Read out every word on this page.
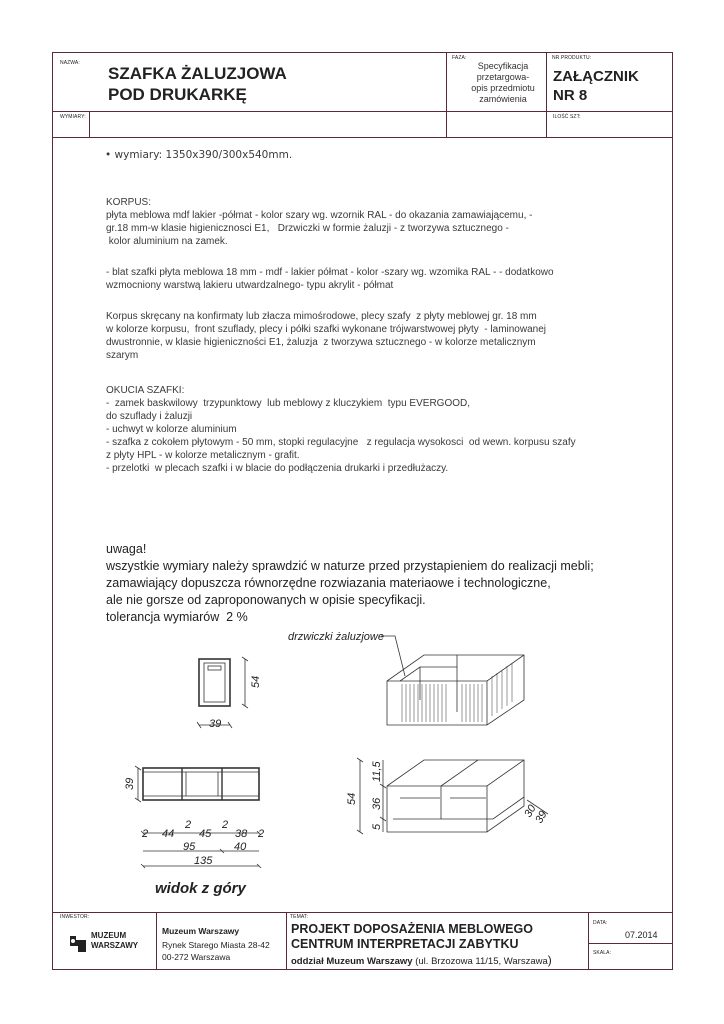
NAZWA:
SZAFKA ŻALUZJOWA
POD DRUKARKĘ
FAZA:
Specyfikacja
przetargowa-
opis przedmiotu
zamówienia
NR PRODUKTU:
ZAŁĄCZNIK
NR 8
WYMIARY:	ILOŚĆ SZT:
• wymiary: 1350x390/300x540mm.
KORPUS:
płyta meblowa mdf lakier -półmat - kolor szary wg. wzornik RAL - do okazania zamawiającemu, -
gr.18 mm-w klasie higienicznosci E1,   Drzwiczki w formie żaluzji - z tworzywa sztucznego -
kolor aluminium na zamek.
- blat szafki płyta meblowa 18 mm - mdf - lakier półmat - kolor -szary wg. wzomika RAL - - dodatkowo
wzmocniony warstwą lakieru utwardzalnego- typu akrylit - półmat
Korpus skręcany na konfirmaty lub złacza mimośrodowe, plecy szafy  z płyty meblowej gr. 18 mm
w kolorze korpusu,  front szuflady, plecy i półki szafki wykonane trójwarstwowej płyty  - laminowanej
dwustronnie, w klasie higieniczności E1, żaluzja  z tworzywa sztucznego - w kolorze metalicznym
szarym
OKUCIA SZAFKI:
-  zamek baskwilowy  trzypunktowy  lub meblowy z kluczykiem  typu EVERGOOD,
do szuflady i żaluzji
- uchwyt w kolorze aluminium
- szafka z cokołem płytowym - 50 mm, stopki regulacyjne   z regulacja wysokosci  od wewn. korpusu szafy
z płyty HPL - w kolorze metalicznym - grafit.
- przelotki  w plecach szafki i w blacie do podłączenia drukarki i przedłużaczy.
uwaga!
wszystkie wymiary należy sprawdzić w naturze przed przystapieniem do realizacji mebli;
zamawiający dopuszcza równorzędne rozwiazania materiaowe i technologiczne,
ale nie gorsze od zaproponowanych w opisie specyfikacji.
tolerancja wymiarów  2 %
54
39
39
2	2
2 44 45 38 2
95	40
135
54 36
11,5
5
30
39
drzwiczki żaluzjowe
widok z góry
INWESTOR:
MUZEUM
WARSZAWY
Muzeum Warszawy
Rynek Starego Miasta 28-42
00-272 Warszawa
TEMAT:
PROJEKT DOPOSAŻENIA MEBLOWEGO
CENTRUM INTERPRETACJI ZABYTKU
oddział Muzeum Warszawy (ul. Brzozowa 11/15, Warszawa)
DATA:
07.2014
SKALA:
